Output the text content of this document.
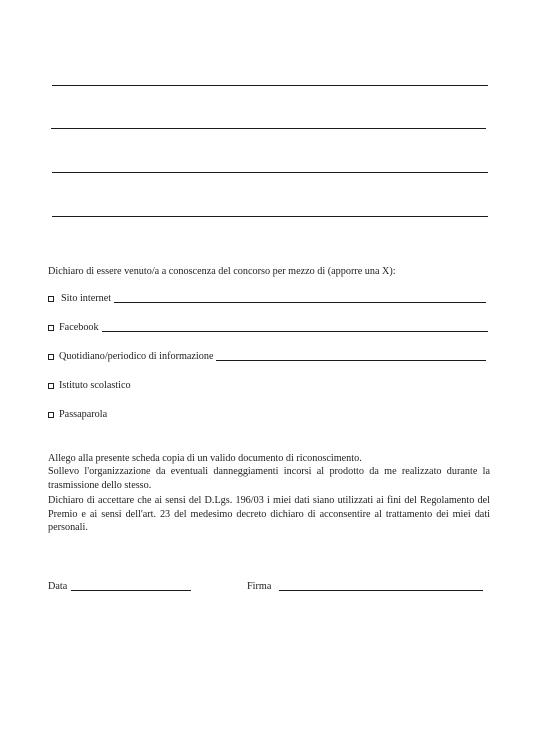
Dichiaro di essere venuto/a a conoscenza del concorso per mezzo di (apporre una X):
Sito internet
Facebook
Quotidiano/periodico di informazione
Istituto scolastico
Passaparola
Allego alla presente scheda copia di un valido documento di riconoscimento.
Sollevo l'organizzazione da eventuali danneggiamenti incorsi al prodotto da me realizzato durante la trasmissione dello stesso.
Dichiaro di accettare che ai sensi del D.Lgs. 196/03 i miei dati siano utilizzati ai fini del Regolamento del Premio e ai sensi dell'art. 23 del medesimo decreto dichiaro di acconsentire al trattamento dei miei dati personali.
Data	Firma
